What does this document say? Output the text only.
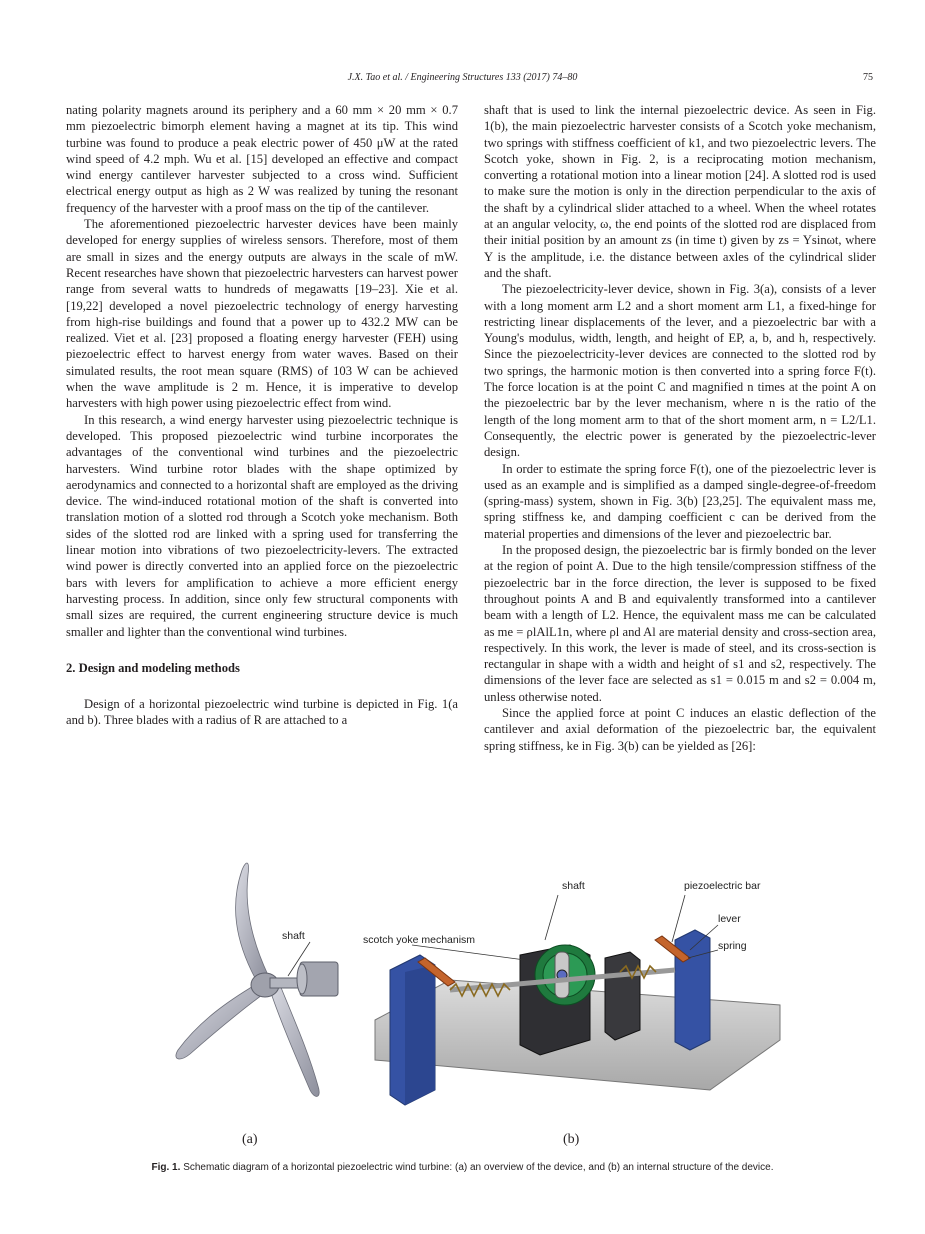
J.X. Tao et al. / Engineering Structures 133 (2017) 74–80	75

nating polarity magnets around its periphery and a 60 mm × 20 mm × 0.7 mm piezoelectric bimorph element having a magnet at its tip. This wind turbine was found to produce a peak electric power of 450 μW at the rated wind speed of 4.2 mph. Wu et al. [15] developed an effective and compact wind energy cantilever harvester subjected to a cross wind. Sufficient electrical energy output as high as 2 W was realized by tuning the resonant frequency of the harvester with a proof mass on the tip of the cantilever.

The aforementioned piezoelectric harvester devices have been mainly developed for energy supplies of wireless sensors. Therefore, most of them are small in sizes and the energy outputs are always in the scale of mW. Recent researches have shown that piezoelectric harvesters can harvest power range from several watts to hundreds of megawatts [19–23]. Xie et al. [19,22] developed a novel piezoelectric technology of energy harvesting from high-rise buildings and found that a power up to 432.2 MW can be realized. Viet et al. [23] proposed a floating energy harvester (FEH) using piezoelectric effect to harvest energy from water waves. Based on their simulated results, the root mean square (RMS) of 103 W can be achieved when the wave amplitude is 2 m. Hence, it is imperative to develop harvesters with high power using piezoelectric effect from wind.

In this research, a wind energy harvester using piezoelectric technique is developed. This proposed piezoelectric wind turbine incorporates the advantages of the conventional wind turbines and the piezoelectric harvesters. Wind turbine rotor blades with the shape optimized by aerodynamics and connected to a horizontal shaft are employed as the driving device. The wind-induced rotational motion of the shaft is converted into translation motion of a slotted rod through a Scotch yoke mechanism. Both sides of the slotted rod are linked with a spring used for transferring the linear motion into vibrations of two piezoelectricity-levers. The extracted wind power is directly converted into an applied force on the piezoelectric bars with levers for amplification to achieve a more efficient energy harvesting process. In addition, since only few structural components with small sizes are required, the current engineering structure device is much smaller and lighter than the conventional wind turbines.

2. Design and modeling methods

Design of a horizontal piezoelectric wind turbine is depicted in Fig. 1(a and b). Three blades with a radius of R are attached to a

shaft that is used to link the internal piezoelectric device. As seen in Fig. 1(b), the main piezoelectric harvester consists of a Scotch yoke mechanism, two springs with stiffness coefficient of k1, and two piezoelectric levers. The Scotch yoke, shown in Fig. 2, is a reciprocating motion mechanism, converting a rotational motion into a linear motion [24]. A slotted rod is used to make sure the motion is only in the direction perpendicular to the axis of the shaft by a cylindrical slider attached to a wheel. When the wheel rotates at an angular velocity, ω, the end points of the slotted rod are displaced from their initial position by an amount zs (in time t) given by zs = Ysinωt, where Y is the amplitude, i.e. the distance between axles of the cylindrical slider and the shaft.

The piezoelectricity-lever device, shown in Fig. 3(a), consists of a lever with a long moment arm L2 and a short moment arm L1, a fixed-hinge for restricting linear displacements of the lever, and a piezoelectric bar with a Young's modulus, width, length, and height of EP, a, b, and h, respectively. Since the piezoelectricity-lever devices are connected to the slotted rod by two springs, the harmonic motion is then converted into a spring force F(t). The force location is at the point C and magnified n times at the point A on the piezoelectric bar by the lever mechanism, where n is the ratio of the length of the long moment arm to that of the short moment arm, n = L2/L1. Consequently, the electric power is generated by the piezoelectric-lever design.

In order to estimate the spring force F(t), one of the piezoelectric lever is used as an example and is simplified as a damped single-degree-of-freedom (spring-mass) system, shown in Fig. 3(b) [23,25]. The equivalent mass me, spring stiffness ke, and damping coefficient c can be derived from the material properties and dimensions of the lever and piezoelectric bar.

In the proposed design, the piezoelectric bar is firmly bonded on the lever at the region of point A. Due to the high tensile/compression stiffness of the piezoelectric bar in the force direction, the lever is supposed to be fixed throughout points A and B and equivalently transformed into a cantilever beam with a length of L2. Hence, the equivalent mass me can be calculated as me = ρlAlL1n, where ρl and Al are material density and cross-section area, respectively. In this work, the lever is made of steel, and its cross-section is rectangular in shape with a width and height of s1 and s2, respectively. The dimensions of the lever face are selected as s1 = 0.015 m and s2 = 0.004 m, unless otherwise noted.

Since the applied force at point C induces an elastic deflection of the cantilever and axial deformation of the piezoelectric bar, the equivalent spring stiffness, ke in Fig. 3(b) can be yielded as [26]:

shaft
shaft
scotch yoke mechanism
piezoelectric bar
lever
spring
(a)	(b)
Fig. 1. Schematic diagram of a horizontal piezoelectric wind turbine: (a) an overview of the device, and (b) an internal structure of the device.
